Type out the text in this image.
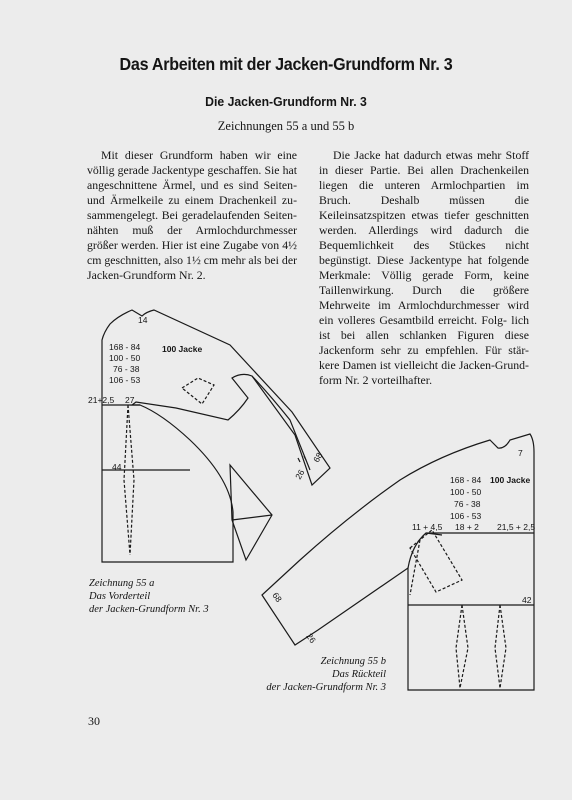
Das Arbeiten mit der Jacken-Grundform Nr. 3
Die Jacken-Grundform Nr. 3
Zeichnungen 55 a und 55 b

Mit dieser Grundform haben wir eine völlig gerade Jackentype geschaffen. Sie hat angeschnittene Ärmel, und es sind Seiten- und Ärmelkeile zu einem Drachenkeil zu- sammengelegt. Bei geradelaufenden Seiten- nähten muß der Armlochdurchmesser größer werden. Hier ist eine Zugabe von 4½ cm geschnitten, also 1½ cm mehr als bei der Jacken-Grundform Nr. 2.

Die Jacke hat dadurch etwas mehr Stoff in dieser Partie. Bei allen Drachenkeilen liegen die unteren Armlochpartien im Bruch.	Deshalb müssen die Keileinsatzspitzen etwas tiefer geschnitten werden. Allerdings wird dadurch die Bequemlichkeit des Stückes nicht begünstigt. Diese Jackentype hat folgende Merkmale: Völlig gerade Form, keine Taillenwirkung. Durch die größere Mehrweite im Armlochdurchmesser wird ein volleres Gesamtbild erreicht. Folg- lich ist bei allen schlanken Figuren diese Jackenform sehr zu empfehlen. Für stär- kere Damen ist vielleicht die Jacken-Grund- form Nr. 2 vorteilhafter.

14
168 - 84
100 - 50
76 - 38
106 - 53
100 Jacke
21+2,5 27
44
68
26
7
168 - 84
100 - 50
76 - 38
106 - 53
100 Jacke
11 + 4,5 18 + 2 21,5 + 2,5
42
68
26
Zeichnung 55 a
Das Vorderteil
der Jacken-Grundform Nr. 3
Zeichnung 55 b
Das Rückteil
der Jacken-Grundform Nr. 3
30
